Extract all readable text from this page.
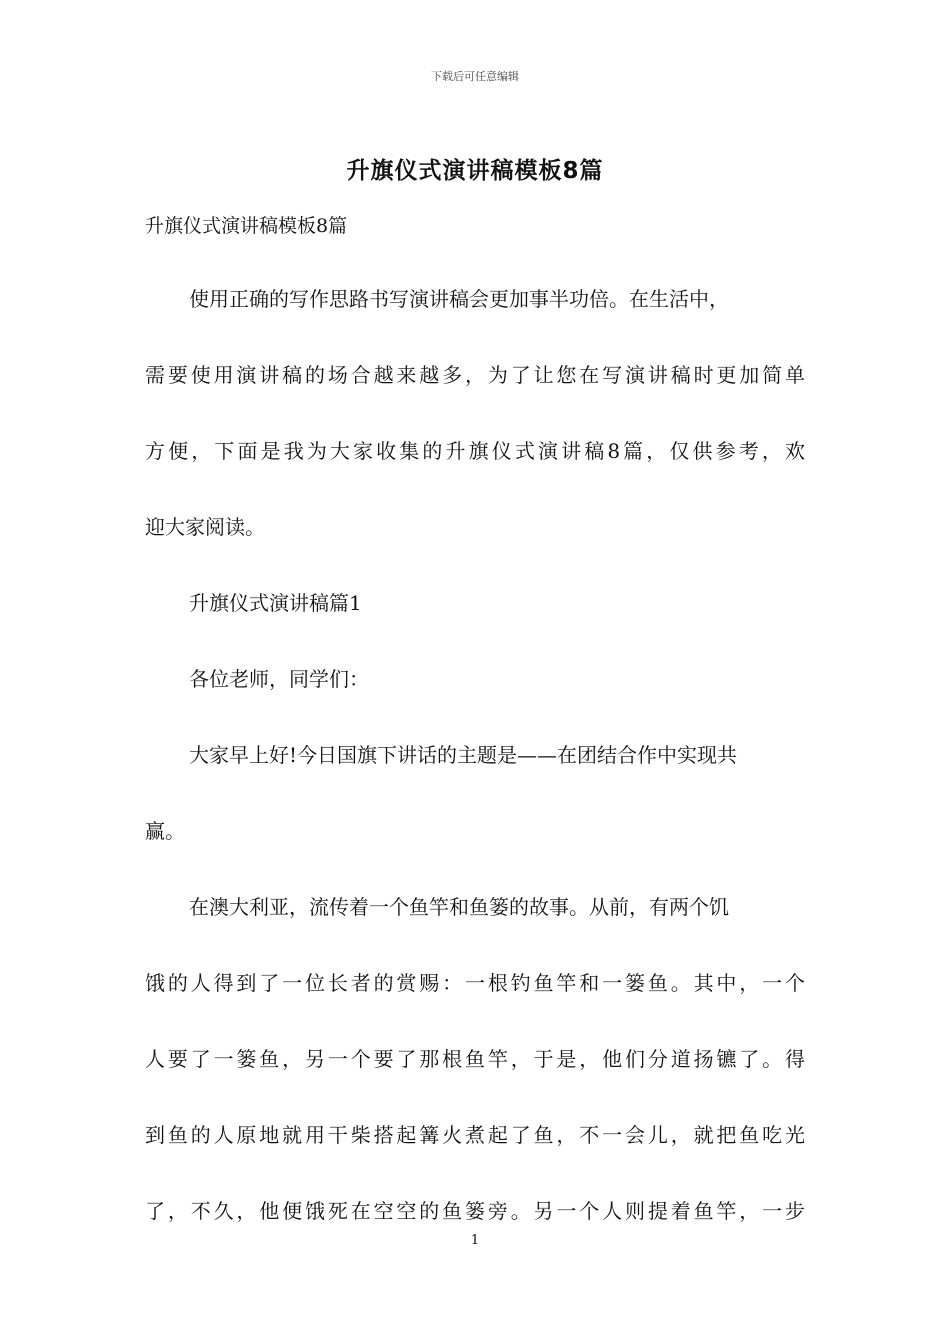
下载后可任意编辑
升旗仪式演讲稿模板8篇
升旗仪式演讲稿模板8篇
使用正确的写作思路书写演讲稿会更加事半功倍。在生活中，
需要使用演讲稿的场合越来越多，为了让您在写演讲稿时更加简单
方便，下面是我为大家收集的升旗仪式演讲稿8篇，仅供参考，欢
迎大家阅读。
升旗仪式演讲稿篇1
各位老师，同学们：
大家早上好!今日国旗下讲话的主题是——在团结合作中实现共
赢。
在澳大利亚，流传着一个鱼竿和鱼篓的故事。从前，有两个饥
饿的人得到了一位长者的赏赐：一根钓鱼竿和一篓鱼。其中，一个
人要了一篓鱼，另一个要了那根鱼竿，于是，他们分道扬镳了。得
到鱼的人原地就用干柴搭起篝火煮起了鱼，不一会儿，就把鱼吃光
了，不久，他便饿死在空空的鱼篓旁。另一个人则提着鱼竿，一步
1
